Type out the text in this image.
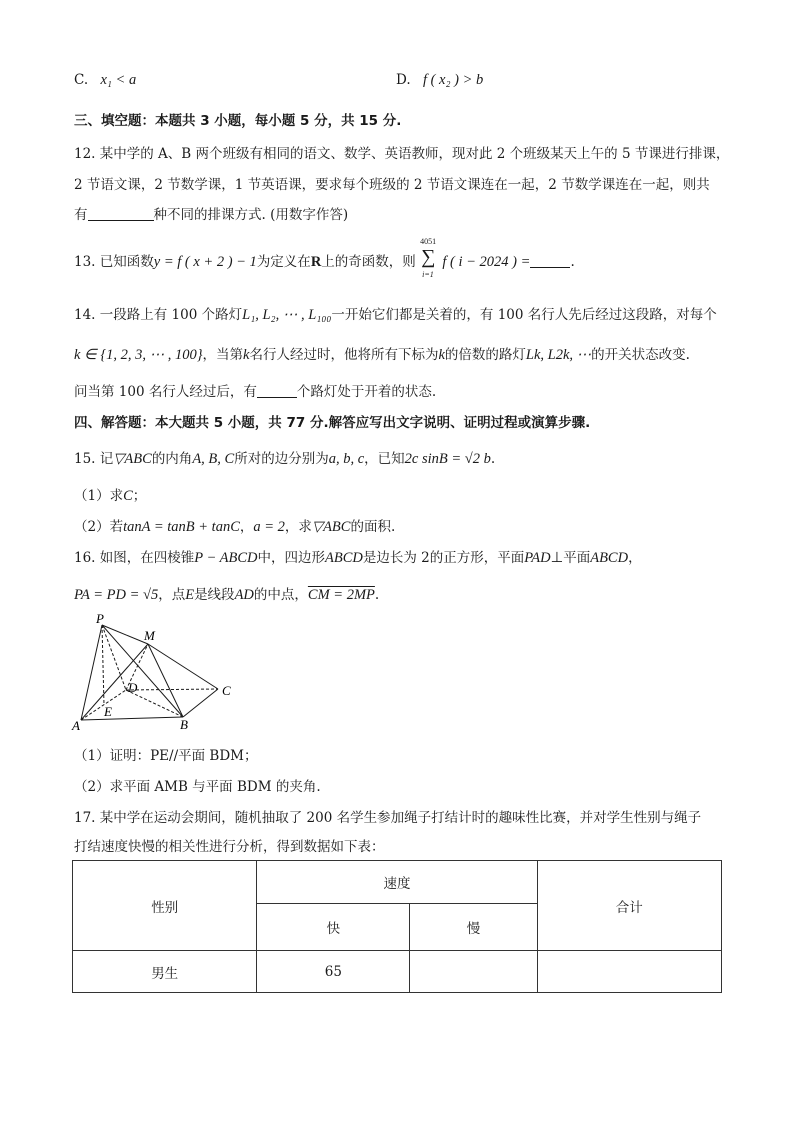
C. x₁ < a	D. f ( x₂ ) > b
三、填空题：本题共 3 小题，每小题 5 分，共 15 分.
12. 某中学的 A、B 两个班级有相同的语文、数学、英语教师，现对此 2 个班级某天上午的 5 节课进行排课，
2 节语文课，2 节数学课，1 节英语课，要求每个班级的 2 节语文课连在一起，2 节数学课连在一起，则共
有	种不同的排课方式. (用数字作答)
13. 已知函数y = f ( x + 2 ) − 1为定义在R上的奇函数，则
4051
∑
i=1
f ( i − 2024 ) =	.
14. 一段路上有 100 个路灯L₁, L₂, ⋯ , L₁₀₀一开始它们都是关着的，有 100 名行人先后经过这段路，对每个
k ∈ {1, 2, 3, ⋯ , 100}，当第k名行人经过时，他将所有下标为k的倍数的路灯Lk, L2k, ⋯的开关状态改变.
问当第 100 名行人经过后，有	个路灯处于开着的状态.
四、解答题：本大题共 5 小题，共 77 分.解答应写出文字说明、证明过程或演算步骤.
15. 记▽ABC的内角A, B, C所对的边分别为a, b, c，已知2c sinB = √2 b.
（1）求C；
（2）若tanA = tanB + tanC，a = 2，求▽ABC的面积.
16. 如图，在四棱锥P − ABCD中，四边形ABCD是边长为 2的正方形，平面PAD⊥平面ABCD，
PA = PD = √5，点E是线段AD的中点，CM = 2MP.
P
M
D	C
E
A	B
（1）证明：PE//平面 BDM；
（2）求平面 AMB 与平面 BDM 的夹角.
17. 某中学在运动会期间，随机抽取了 200 名学生参加绳子打结计时的趣味性比赛，并对学生性别与绳子
打结速度快慢的相关性进行分析，得到数据如下表：
性别	速度		合计
	快	慢	
男生	65		
